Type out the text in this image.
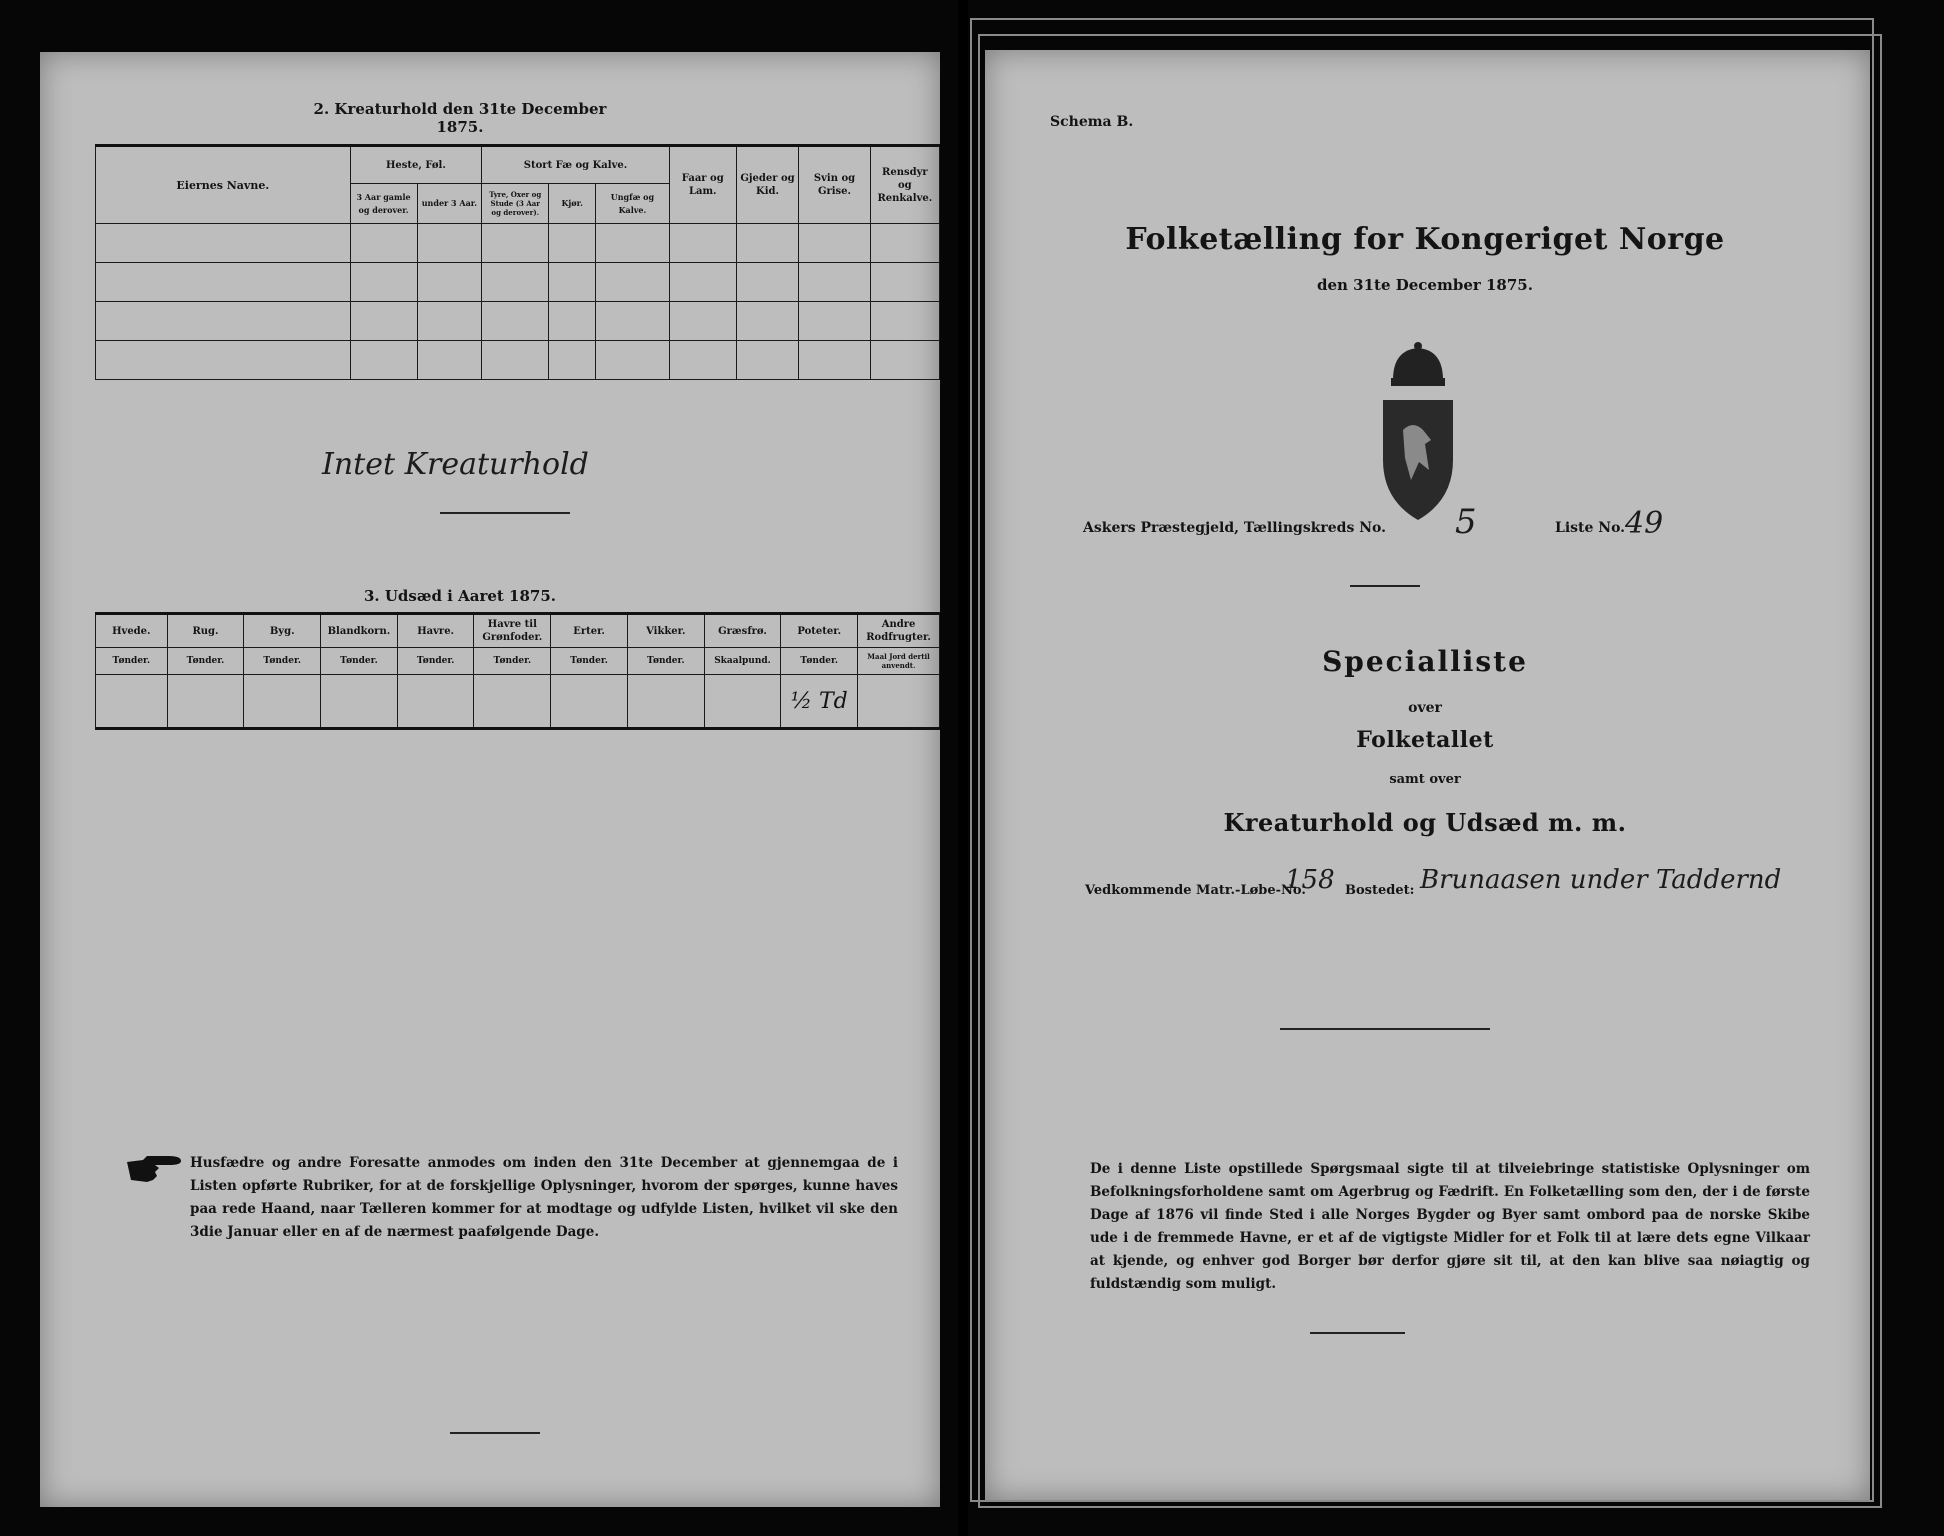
2. Kreaturhold den 31te December 1875.
Eiernes Navne.	Heste, Føl.		Stort Fæ og Kalve.			Faar og Lam.	Gjeder og Kid.	Svin og Grise.	Rensdyr og Renkalve.
	3 Aar gamle og derover.	under 3 Aar.	Tyre, Oxer og Stude (3 Aar og derover).	Kjør.	Ungfæ og Kalve.				

Intet Kreaturhold
3. Udsæd i Aaret 1875.
Hvede.	Rug.	Byg.	Blandkorn.	Havre.	Havre til Grønfoder.	Erter.	Vikker.	Græsfrø.	Poteter.	Andre Rodfrugter.
Tønder.	Tønder.	Tønder.	Tønder.	Tønder.	Tønder.	Tønder.	Tønder.	Skaalpund.	Tønder.	Maal Jord dertil anvendt.
									½ Td	
Husfædre og andre Foresatte anmodes om inden den 31te December at gjennemgaa de i Listen opførte Rubriker, for at de forskjellige Oplysninger, hvorom der spørges, kunne haves paa rede Haand, naar Tælleren kommer for at modtage og udfylde Listen, hvilket vil ske den 3die Januar eller en af de nærmest paafølgende Dage.
Schema B.
Folketælling for Kongeriget Norge
den 31te December 1875.
Askers Præstegjeld, Tællingskreds No. 5	Liste No. 49
Specialliste
over
Folketallet
samt over
Kreaturhold og Udsæd m. m.
Vedkommende Matr.-Løbe-No.
158 Bostedet: Brunaasen under Taddernd
De i denne Liste opstillede Spørgsmaal sigte til at tilveiebringe statistiske Oplysninger om Befolkningsforholdene samt om Agerbrug og Fædrift. En Folketælling som den, der i de første Dage af 1876 vil finde Sted i alle Norges Bygder og Byer samt ombord paa de norske Skibe ude i de fremmede Havne, er et af de vigtigste Midler for et Folk til at lære dets egne Vilkaar at kjende, og enhver god Borger bør derfor gjøre sit til, at den kan blive saa nøiagtig og fuldstændig som muligt.
